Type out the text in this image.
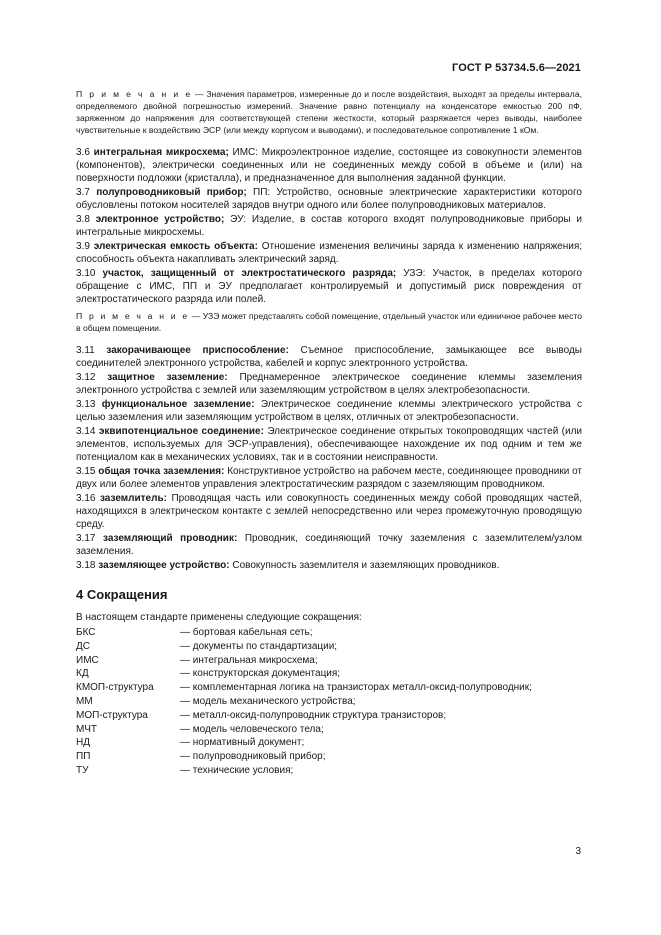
ГОСТ Р 53734.5.6—2021

П р и м е ч а н и е — Значения параметров, измеренные до и после воздействия, выходят за пределы интервала, определяемого двойной погрешностью измерений. Значение равно потенциалу на конденсаторе емкостью 200 пФ, заряженном до напряжения для соответствующей степени жесткости, который разряжается через выводы, наиболее чувствительные к воздействию ЭСР (или между корпусом и выводами), и последовательное сопротивление 1 кОм.

3.6 интегральная микросхема; ИМС: Микроэлектронное изделие, состоящее из совокупности элементов (компонентов), электрически соединенных или не соединенных между собой в объеме и (или) на поверхности подложки (кристалла), и предназначенное для выполнения заданной функции.

3.7 полупроводниковый прибор; ПП: Устройство, основные электрические характеристики которого обусловлены потоком носителей зарядов внутри одного или более полупроводниковых материалов.

3.8 электронное устройство; ЭУ: Изделие, в состав которого входят полупроводниковые приборы и интегральные микросхемы.

3.9 электрическая емкость объекта: Отношение изменения величины заряда к изменению напряжения; способность объекта накапливать электрический заряд.

3.10 участок, защищенный от электростатического разряда; УЗЭ: Участок, в пределах которого обращение с ИМС, ПП и ЭУ предполагает контролируемый и допустимый риск повреждения от электростатического разряда или полей.

П р и м е ч а н и е — УЗЭ может представлять собой помещение, отдельный участок или единичное рабочее место в общем помещении.

3.11 закорачивающее приспособление: Съемное приспособление, замыкающее все выводы соединителей электронного устройства, кабелей и корпус электронного устройства.

3.12 защитное заземление: Преднамеренное электрическое соединение клеммы заземления электронного устройства с землей или заземляющим устройством в целях электробезопасности.

3.13 функциональное заземление: Электрическое соединение клеммы электрического устройства с целью заземления или заземляющим устройством в целях, отличных от электробезопасности.

3.14 эквипотенциальное соединение: Электрическое соединение открытых токопроводящих частей (или элементов, используемых для ЭСР-управления), обеспечивающее нахождение их под одним и тем же потенциалом как в механических условиях, так и в состоянии неисправности.

3.15 общая точка заземления: Конструктивное устройство на рабочем месте, соединяющее проводники от двух или более элементов управления электростатическим разрядом с заземляющим проводником.

3.16 заземлитель: Проводящая часть или совокупность соединенных между собой проводящих частей, находящихся в электрическом контакте с землей непосредственно или через промежуточную проводящую среду.

3.17 заземляющий проводник: Проводник, соединяющий точку заземления с заземлителем/узлом заземления.

3.18 заземляющее устройство: Совокупность заземлителя и заземляющих проводников.

4 Сокращения

В настоящем стандарте применены следующие сокращения:

БКС	— бортовая кабельная сеть;
ДС	— документы по стандартизации;
ИМС	— интегральная микросхема;
КД	— конструкторская документация;
КМОП-структура	— комплементарная логика на транзисторах металл-оксид-полупроводник;
ММ	— модель механического устройства;
МОП-структура	— металл-оксид-полупроводник структура транзисторов;
МЧТ	— модель человеческого тела;
НД	— нормативный документ;
ПП	— полупроводниковый прибор;
ТУ	— технические условия;
3
